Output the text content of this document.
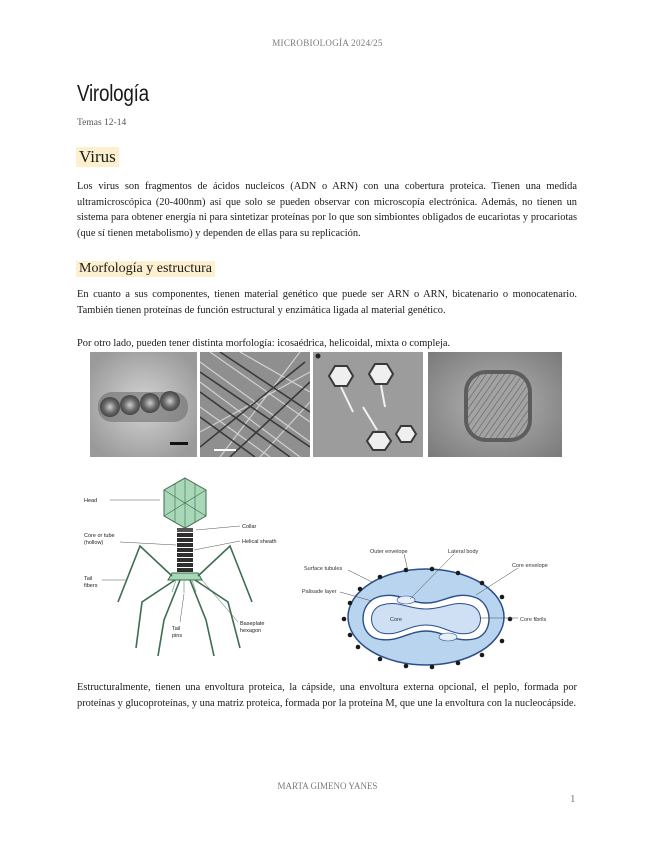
MICROBIOLOGÍA 2024/25
Virología
Temas 12-14
Virus
Los virus son fragmentos de ácidos nucleicos (ADN o ARN) con una cobertura proteica. Tienen una medida ultramicroscópica (20-400nm) así que solo se pueden observar con microscopía electrónica. Además, no tienen un sistema para obtener energía ni para sintetizar proteínas por lo que son simbiontes obligados de eucariotas y procariotas (que sí tienen metabolismo) y dependen de ellas para su replicación.
Morfología y estructura
En cuanto a sus componentes, tienen material genético que puede ser ARN o ARN, bicatenario o monocatenario. También tienen proteínas de función estructural y enzimática ligada al material genético.
Por otro lado, pueden tener distinta morfología: icosaédrica, helicoidal, mixta o compleja.
Head
Collar
Core or tube
(hollow)	Helical sheath
Tail
fibers
Tail
pins
Baseplate
hexagon
Outer envelope	Lateral body
Surface tubules	Core envelope
Palisade layer
Core	Core fibrils
Estructuralmente, tienen una envoltura proteica, la cápside, una envoltura externa opcional, el peplo, formada por proteínas y glucoproteínas, y una matriz proteica, formada por la proteína M, que une la envoltura con la nucleocápside.
MARTA GIMENO YANES
1
